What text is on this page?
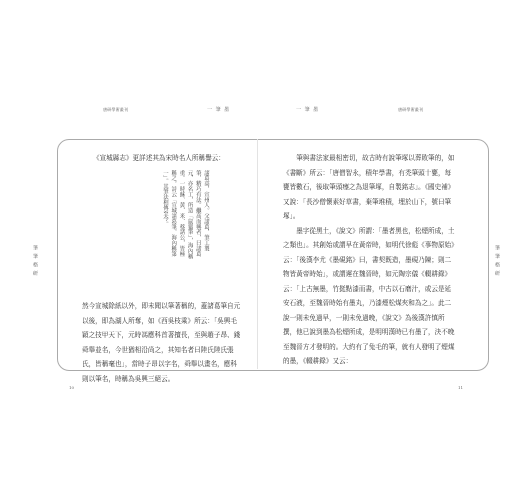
唐研學術叢刊	一 筆 墨	一 筆 墨	唐研學術叢刊
筆 筆 格 研	筆 筆 格 研

《宣城縣志》更詳述其為宋時名人所稱譽云：

諸葛高，宣州人。父諸葛，筆工製筆，精巧有法。繼高而興者，曰諸葛元，亦名工，所造「鼠鬚筆」，海內稱重。一時蘇、黃、米、蔡諸公，皆極稱之。詩云「宣城諸葛筆，海內稱第一」。其筆法相傳至今。

然今宣城除紙以外，即未聞以筆著稱的，蓋諸葛筆自元以後，即為湖人所奪，如《西吳枝乘》所云：「吳興毛穎之技甲天下，元時馮應科首著擅長，至與趙子昂、錢舜舉並名，今世猶相沿尚之，其知名者曰陸氏陸氏張氏，皆稱毫也」，當時子昂以字名，舜舉以畫名，應科則以筆名，時稱為吳興三絕云。

筆與書法家最相密切，故古時有說筆塚以葬敗筆的，如《書斷》所云：「唐僧智永，積年學書，有禿筆頭十甕，每甕皆數石，後取筆頭瘞之為退筆塚，自製銘志」。《國史補》又說：「長沙僧懷素好草書，棄筆堆積，埋於山下，號曰筆塚」。

墨字從黑土，《說文》所謂：「墨者黑也，松煙所成，土之類也」。其創始或謂早在黃帝時，如明代徐彪《事物原始》云：「後漢李尤《墨硯銘》曰，書契既造，墨硯乃陳；則二物皆黃帝時始」，或謂遲在魏晉時，如元陶宗儀《輟耕錄》云：「上古無墨，竹挺點漆而書，中古以石磨汁，或云是延安石液，至魏晉時始有墨丸，乃漆煙松煤夾和為之」。此二說一則未免過早，一則未免過晚，《說文》為後漢許慎所撰，他已說到墨為松煙所成，是明明漢時已有墨了，決不晚至魏晉方才發明的。大約有了兔毛的筆，就有人發明了煙煤的墨，《輟耕錄》又云：

10	11
